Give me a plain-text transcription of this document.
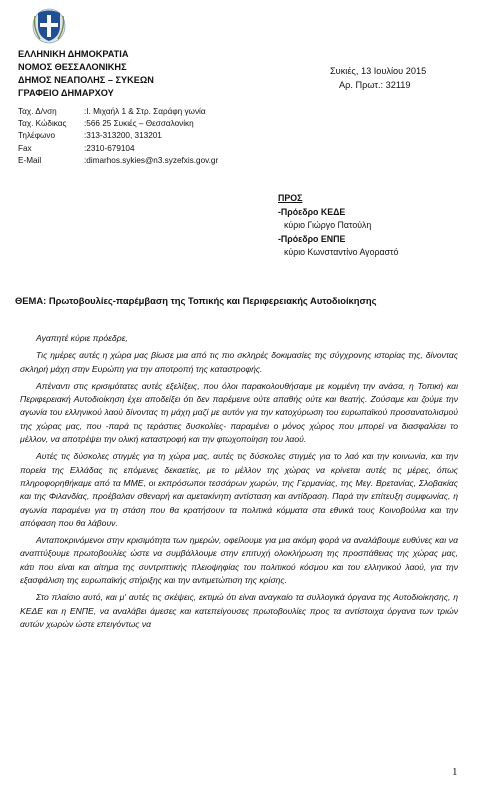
ΕΛΛΗΝΙΚΗ ΔΗΜΟΚΡΑΤΙΑ
ΝΟΜΟΣ ΘΕΣΣΑΛΟΝΙΚΗΣ
ΔΗΜΟΣ ΝΕΑΠΟΛΗΣ – ΣΥΚΕΩΝ
ΓΡΑΦΕΙΟ ΔΗΜΑΡΧΟΥ
Συκιές, 13 Ιουλίου 2015
Αρ. Πρωτ.: 32119
Ταχ. Δ/νση	:Ι. Μιχαήλ 1 & Στρ. Σαράφη γωνία
Ταχ. Κώδικας	:566 25 Συκιές – Θεσσαλονίκη
Τηλέφωνο	:313-313200, 313201
Fax	:2310-679104
E-Mail	:dimarhos.sykies@n3.syzefxis.gov.gr
ΠΡΟΣ
-Πρόεδρο ΚΕΔΕ
κύριο Γιώργο Πατούλη
-Πρόεδρο ΕΝΠΕ
κύριο Κωνσταντίνο Αγοραστό
ΘΕΜΑ: Πρωτοβουλίες-παρέμβαση της Τοπικής και Περιφερειακής Αυτοδιοίκησης

Αγαπητέ κύριε πρόεδρε,

Τις ημέρες αυτές η χώρα μας βίωσε μια από τις πιο σκληρές δοκιμασίες της σύγχρονης ιστορίας της, δίνοντας σκληρή μάχη στην Ευρώπη για την αποτροπή της καταστροφής.

Απέναντι στις κρισιμότατες αυτές εξελίξεις, που όλοι παρακολουθήσαμε με κομμένη την ανάσα, η Τοπική και Περιφερειακή Αυτοδιοίκηση έχει αποδείξει ότι δεν παρέμεινε ούτε απαθής ούτε και θεατής. Ζούσαμε και ζούμε την αγωνία του ελληνικού λαού δίνοντας τη μάχη μαζί με αυτόν για την κατοχύρωση του ευρωπαϊκού προσανατολισμού της χώρας μας, που -παρά τις τεράστιες δυσκολίες- παραμένει ο μόνος χώρος που μπορεί να διασφαλίσει το μέλλον, να αποτρέψει την ολική καταστροφή και την φτωχοποίηση του λαού.

Αυτές τις δύσκολες στιγμές για τη χώρα μας, αυτές τις δύσκολες στιγμές για το λαό και την κοινωνία, και την πορεία της Ελλάδας τις επόμενες δεκαετίες, με το μέλλον της χώρας να κρίνεται αυτές τις μέρες, όπως πληροφορηθήκαμε από τα ΜΜΕ, οι εκπρόσωποι τεσσάρων χωρών, της Γερμανίας, της Μεγ. Βρετανίας, Σλοβακίας και της Φιλανδίας, προέβαλαν σθεναρή και αμετακίνητη αντίσταση και αντίδραση. Παρά την επίτευξη συμφωνίας, η αγωνία παραμένει για τη στάση που θα κρατήσουν τα πολιτικά κόμματα στα εθνικά τους Κοινοβούλια και την απόφαση που θα λάβουν.

Ανταποκρινόμενοι στην κρισιμότητα των ημερών, οφείλουμε για μια ακόμη φορά να αναλάβουμε ευθύνες και να αναπτύξουμε πρωτοβουλίες ώστε να συμβάλλουμε στην επιτυχή ολοκλήρωση της προσπάθειας της χώρας μας, κάτι που είναι και αίτημα της συντριπτικής πλειοψηφίας του πολιτικού κόσμου και του ελληνικού λαού, για την εξασφάλιση της ευρωπαϊκής στήριξης και την αντιμετώπιση της κρίσης.

Στο πλαίσιο αυτό, και μ' αυτές τις σκέψεις, εκτιμώ ότι είναι αναγκαίο τα συλλογικά όργανα της Αυτοδιοίκησης, η ΚΕΔΕ και η ΕΝΠΕ, να αναλάβει άμεσες και κατεπείγουσες πρωτοβουλίες προς τα αντίστοιχα όργανα των τριών αυτών χωρών ώστε επειγόντως να

1
